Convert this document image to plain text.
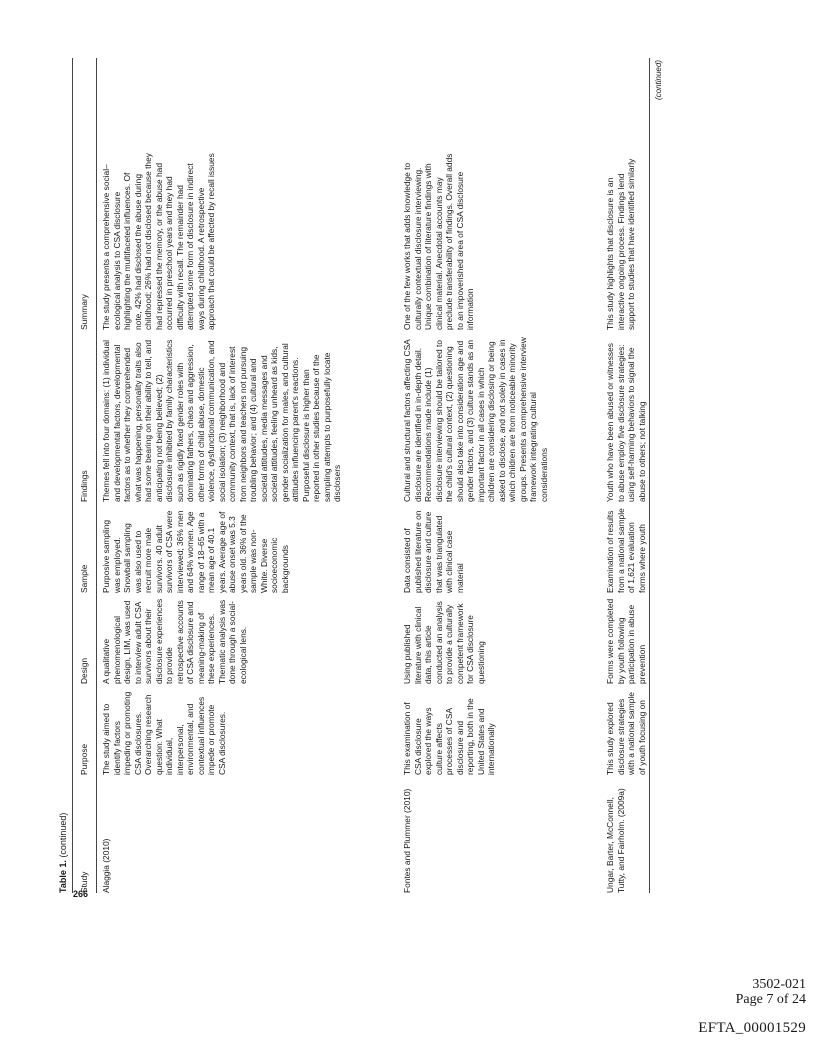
266
Table 1. (continued)
Study
Purpose
Design
Sample
Findings
Summary
Alaggia (2010)
The study aimed to identify factors impeding or promoting CSA disclosures. Overarching research question: What individual, interpersonal, environmental, and contextual influences impede or promote CSA disclosures.
A qualitative phenomenological design, LIM, was used to interview adult CSA survivors about their disclosure experiences to provide retrospective accounts of CSA disclosure and meaning-making of these experiences. Thematic analysis was done through a social-ecological lens.
Purposive sampling was employed. Snowball sampling was also used to recruit more male survivors. 40 adult survivors of CSA were interviewed; 36% men and 64% women. Age range of 18–65 with a mean age of 40.1 years. Average age of abuse onset was 5.3 years old. 36% of the sample was non-White. Diverse socioeconomic backgrounds
Themes fell into four domains: (1) individual and developmental factors, developmental factors as to whether they comprehended what was happening, personality traits also had some bearing on their ability to tell, and anticipating not being believed; (2) disclosure inhibited by family characteristics such as rigidly fixed gender roles with dominating fathers, chaos and aggression, other forms of child abuse, domestic violence, dysfunctional communication, and social isolation; (3) neighborhood and community context, that is, lack of interest from neighbors and teachers not pursuing troubling behavior; and (4) cultural and societal attitudes, media messages and societal attitudes, feeling unheard as kids, gender socialization for males, and cultural attitudes influencing parent's reactions. Purposeful disclosure is higher than reported in other studies because of the sampling attempts to purposefully locate disclosers
The study presents a comprehensive social–ecological analysis to CSA disclosure highlighting the multifaceted influences. Of note, 42% had disclosed the abuse during childhood; 26% had not disclosed because they had repressed the memory, or the abuse had occurred in preschool years and they had difficulty with recall. The remainder had attempted some form of disclosure in indirect ways during childhood. A retrospective approach that could be affected by recall issues
Fontes and Plummer (2010)
This examination of CSA disclosure explored the ways culture affects processes of CSA disclosure and reporting, both in the United States and internationally
Using published literature with clinical data, this article conducted an analysis to provide a culturally competent framework for CSA disclosure questioning
Data consisted of published literature on disclosure and culture that was triangulated with clinical case material
Cultural and structural factors affecting CSA disclosure are identified in in-depth detail. Recommendations made include (1) disclosure interviewing should be tailored to the child's cultural context, (2) questioning should also take into consideration age and gender factors, and (3) culture stands as an important factor in all cases in which children are considering disclosing or being asked to disclose, and not solely in cases in which children are from noticeable minority groups. Presents a comprehensive interview framework integrating cultural considerations
One of the few works that adds knowledge to culturally contextual disclosure interviewing. Unique combination of literature findings with clinical material. Anecdotal accounts may preclude transferability of findings. Overall adds to an impoverished area of CSA disclosure information
Ungar, Barter, McConnell, Tutty, and Fairholm. (2009a)
This study explored disclosure strategies with a national sample of youth focusing on
Forms were completed by youth following participation in abuse prevention
Examination of results from a national sample of 1,621 evaluation forms where youth
Youth who have been abused or witnesses to abuse employ five disclosure strategies: using self-harming behaviors to signal the abuse to others; not talking
This study highlights that disclosure is an interactive ongoing process. Findings lend support to studies that have identified similarly
(continued)
3502-021
Page 7 of 24
EFTA_00001529
